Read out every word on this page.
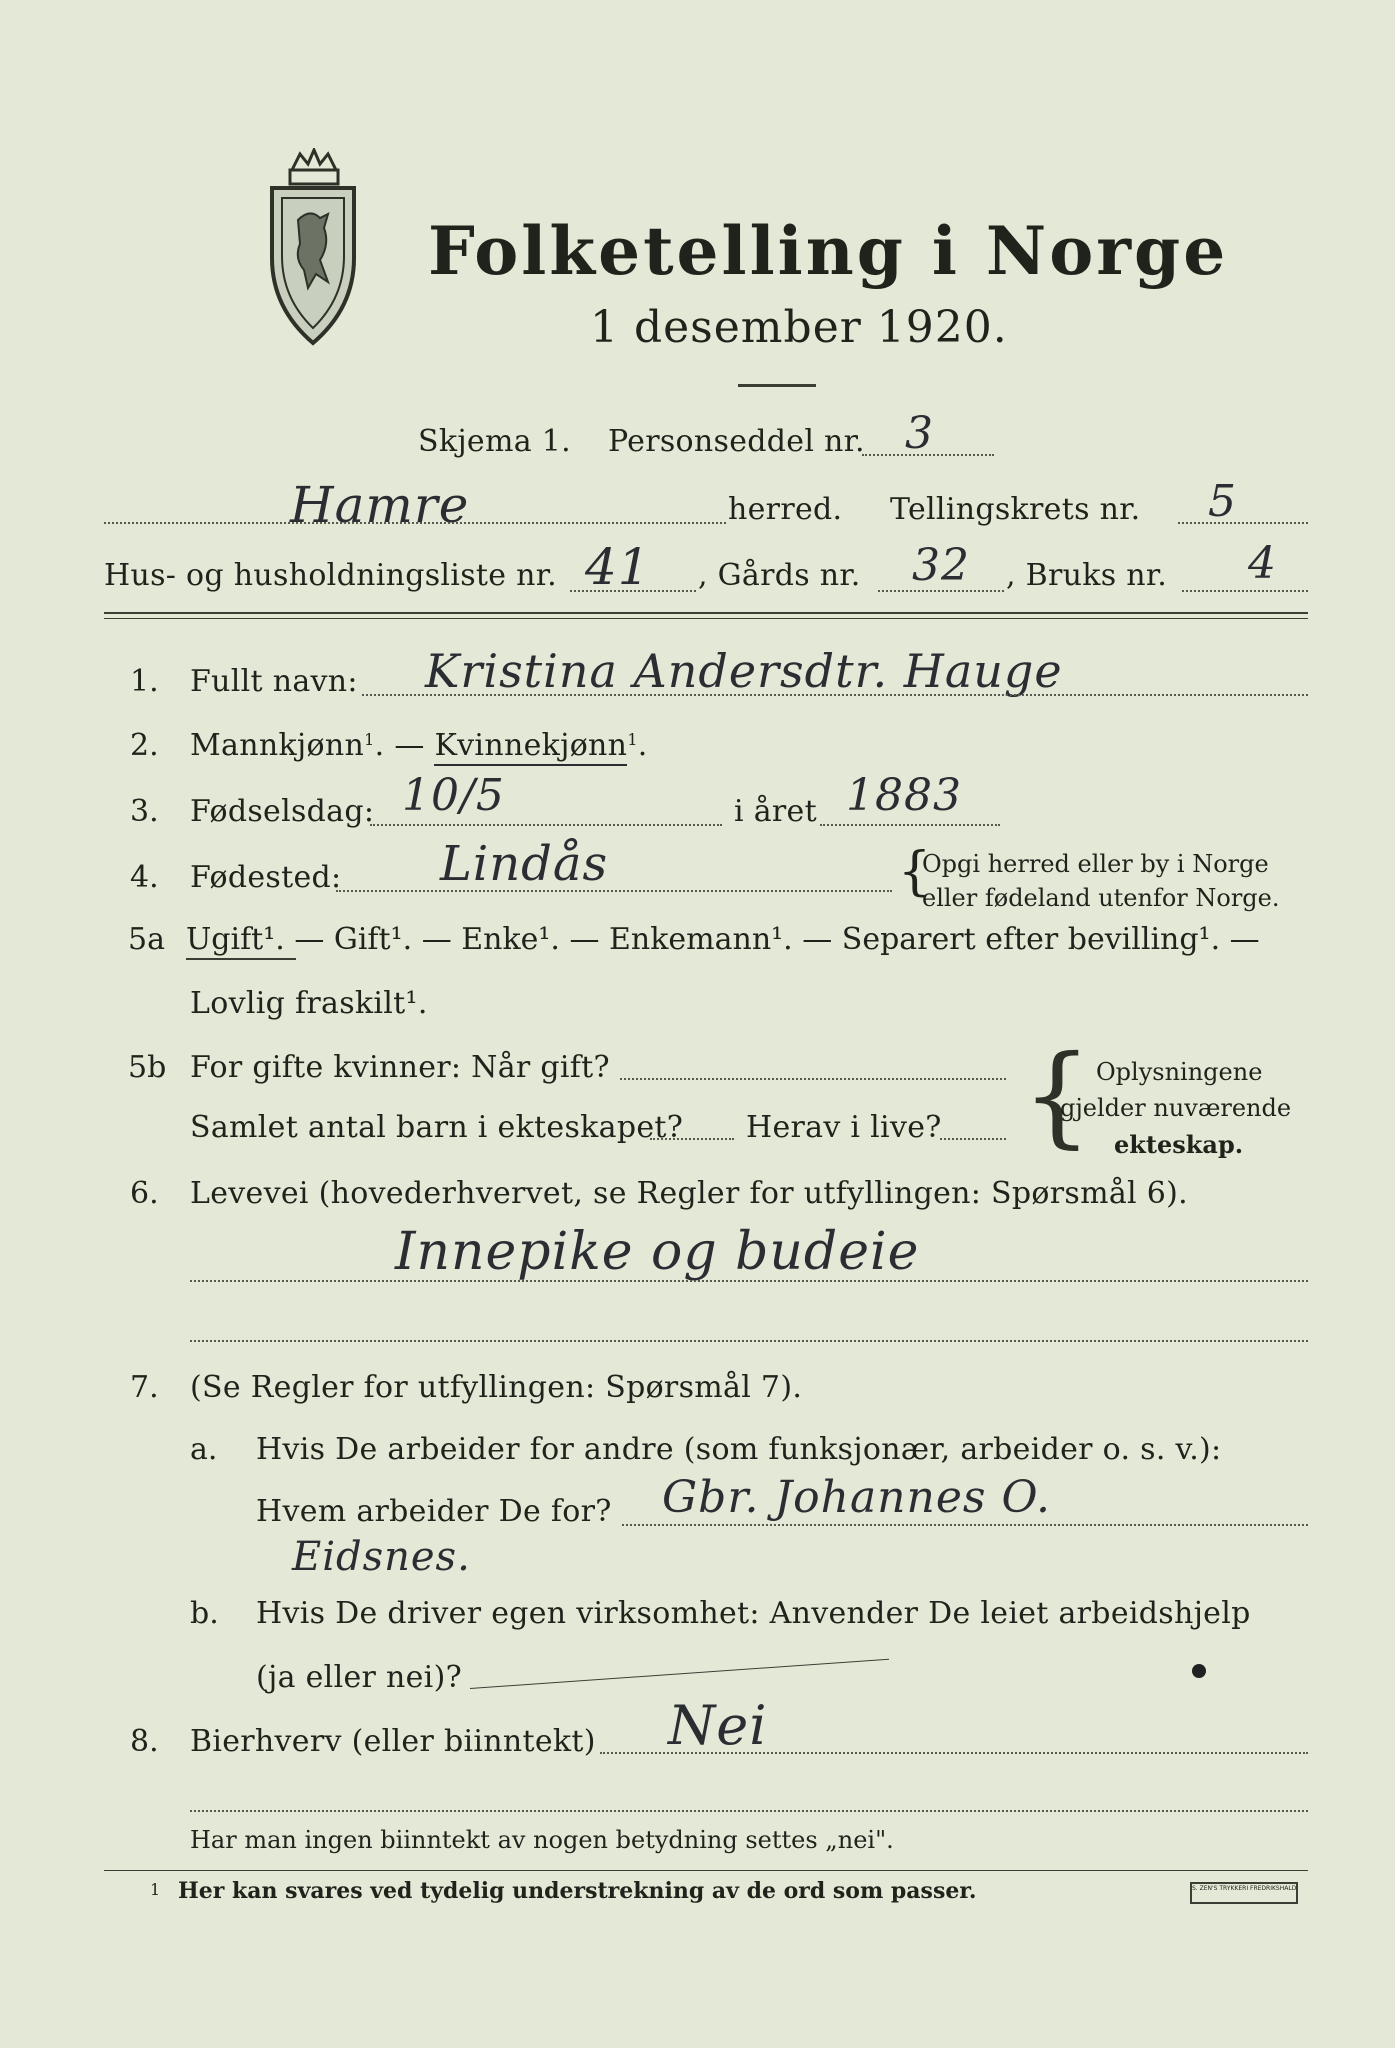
Folketelling i Norge
1 desember 1920.
Skjema 1. Personseddel nr. 3
Hamre	herred. Tellingskrets nr. 5
Hus- og husholdningsliste nr. 41 , Gårds nr. 32 , Bruks nr. 4
1. Fullt navn: Kristina Andersdtr. Hauge
2. Mannkjønn$^1$. — Kvinnekjønn$^1$.
3. Fødselsdag: 10/5	i året 1883
4. Fødested: Lindås	{
Opgi herred eller by i Norge
eller fødeland utenfor Norge.
5a Ugift¹. — Gift¹. — Enke¹. — Enkemann¹. — Separert efter bevilling¹. —
Lovlig fraskilt¹.
5b For gifte kvinner: Når gift?
Samlet antal barn i ekteskapet? Herav i live? { Oplysningene
gjelder nuværende
ekteskap.
6. Levevei (hovederhvervet, se Regler for utfyllingen: Spørsmål 6).
Innepike og budeie
7. (Se Regler for utfyllingen: Spørsmål 7).
a. Hvis De arbeider for andre (som funksjonær, arbeider o. s. v.):
Hvem arbeider De for? Gbr. Johannes O.
Eidsnes.
b. Hvis De driver egen virksomhet: Anvender De leiet arbeidshjelp
(ja eller nei)?
8. Bierhverv (eller biinntekt) Nei
Har man ingen biinntekt av nogen betydning settes „nei".
1 Her kan svares ved tydelig understrekning av de ord som passer.	S. ZEN'S TRYKKERI FREDRIKSHALD
